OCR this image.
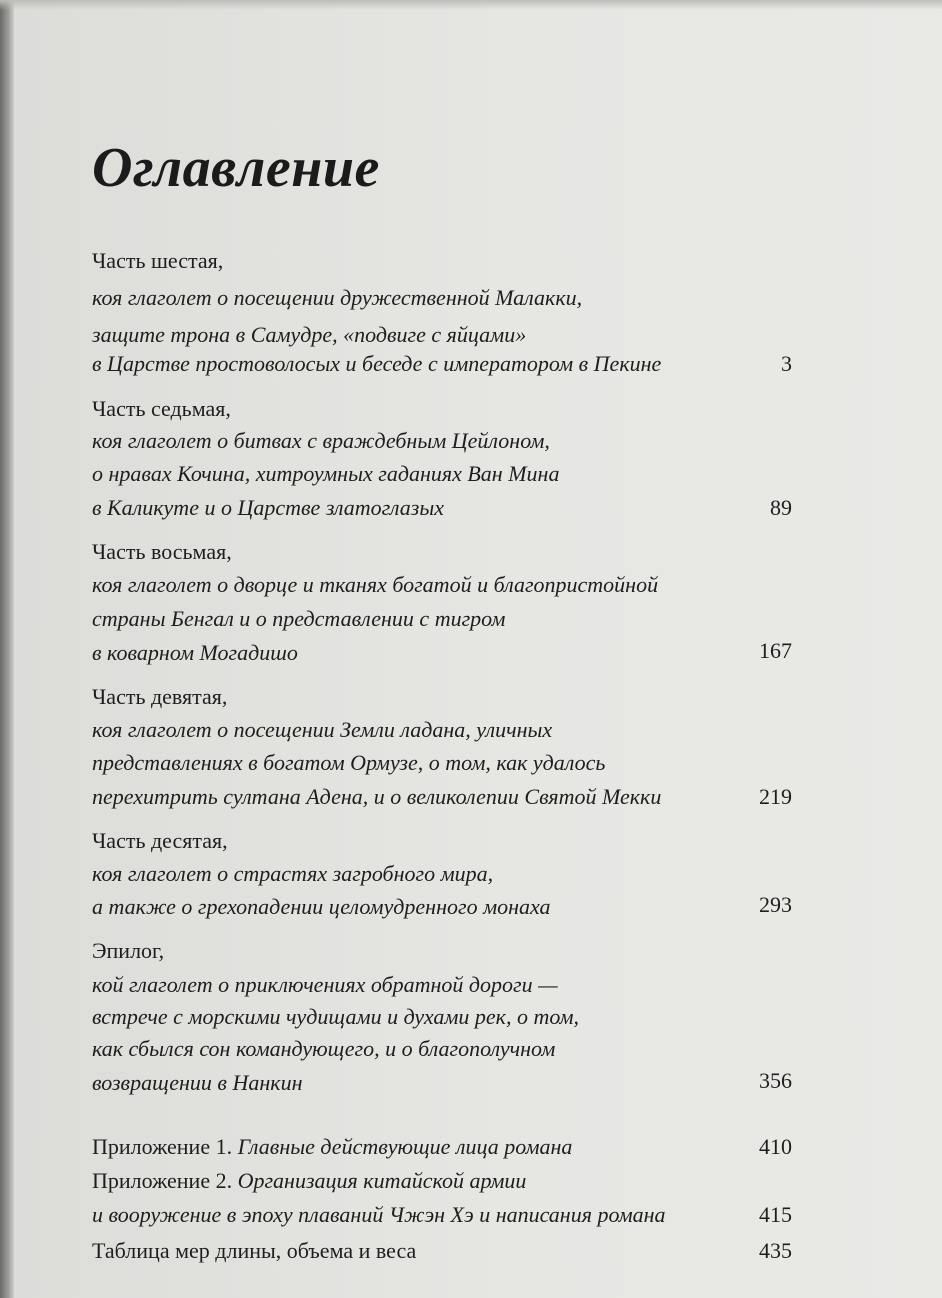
Оглавление
Часть шестая,
коя глаголет о посещении дружественной Малакки,
защите трона в Самудре, «подвиге с яйцами»
в Царстве простоволосых и беседе с императором в Пекине	3
Часть седьмая,
коя глаголет о битвах с враждебным Цейлоном,
о нравах Кочина, хитроумных гаданиях Ван Мина
в Каликуте и о Царстве златоглазых	89
Часть восьмая,
коя глаголет о дворце и тканях богатой и благопристойной
страны Бенгал и о представлении с тигром
в коварном Могадишо	167
Часть девятая,
коя глаголет о посещении Земли ладана, уличных
представлениях в богатом Ормузе, о том, как удалось
перехитрить султана Адена, и о великолепии Святой Мекки	219
Часть десятая,
коя глаголет о страстях загробного мира,
а также о грехопадении целомудренного монаха	293
Эпилог,
кой глаголет о приключениях обратной дороги —
встрече с морскими чудищами и духами рек, о том,
как сбылся сон командующего, и о благополучном
возвращении в Нанкин	356
Приложение 1. Главные действующие лица романа	410
Приложение 2. Организация китайской армии
и вооружение в эпоху плаваний Чжэн Хэ и написания романа	415
Таблица мер длины, объема и веса	435
